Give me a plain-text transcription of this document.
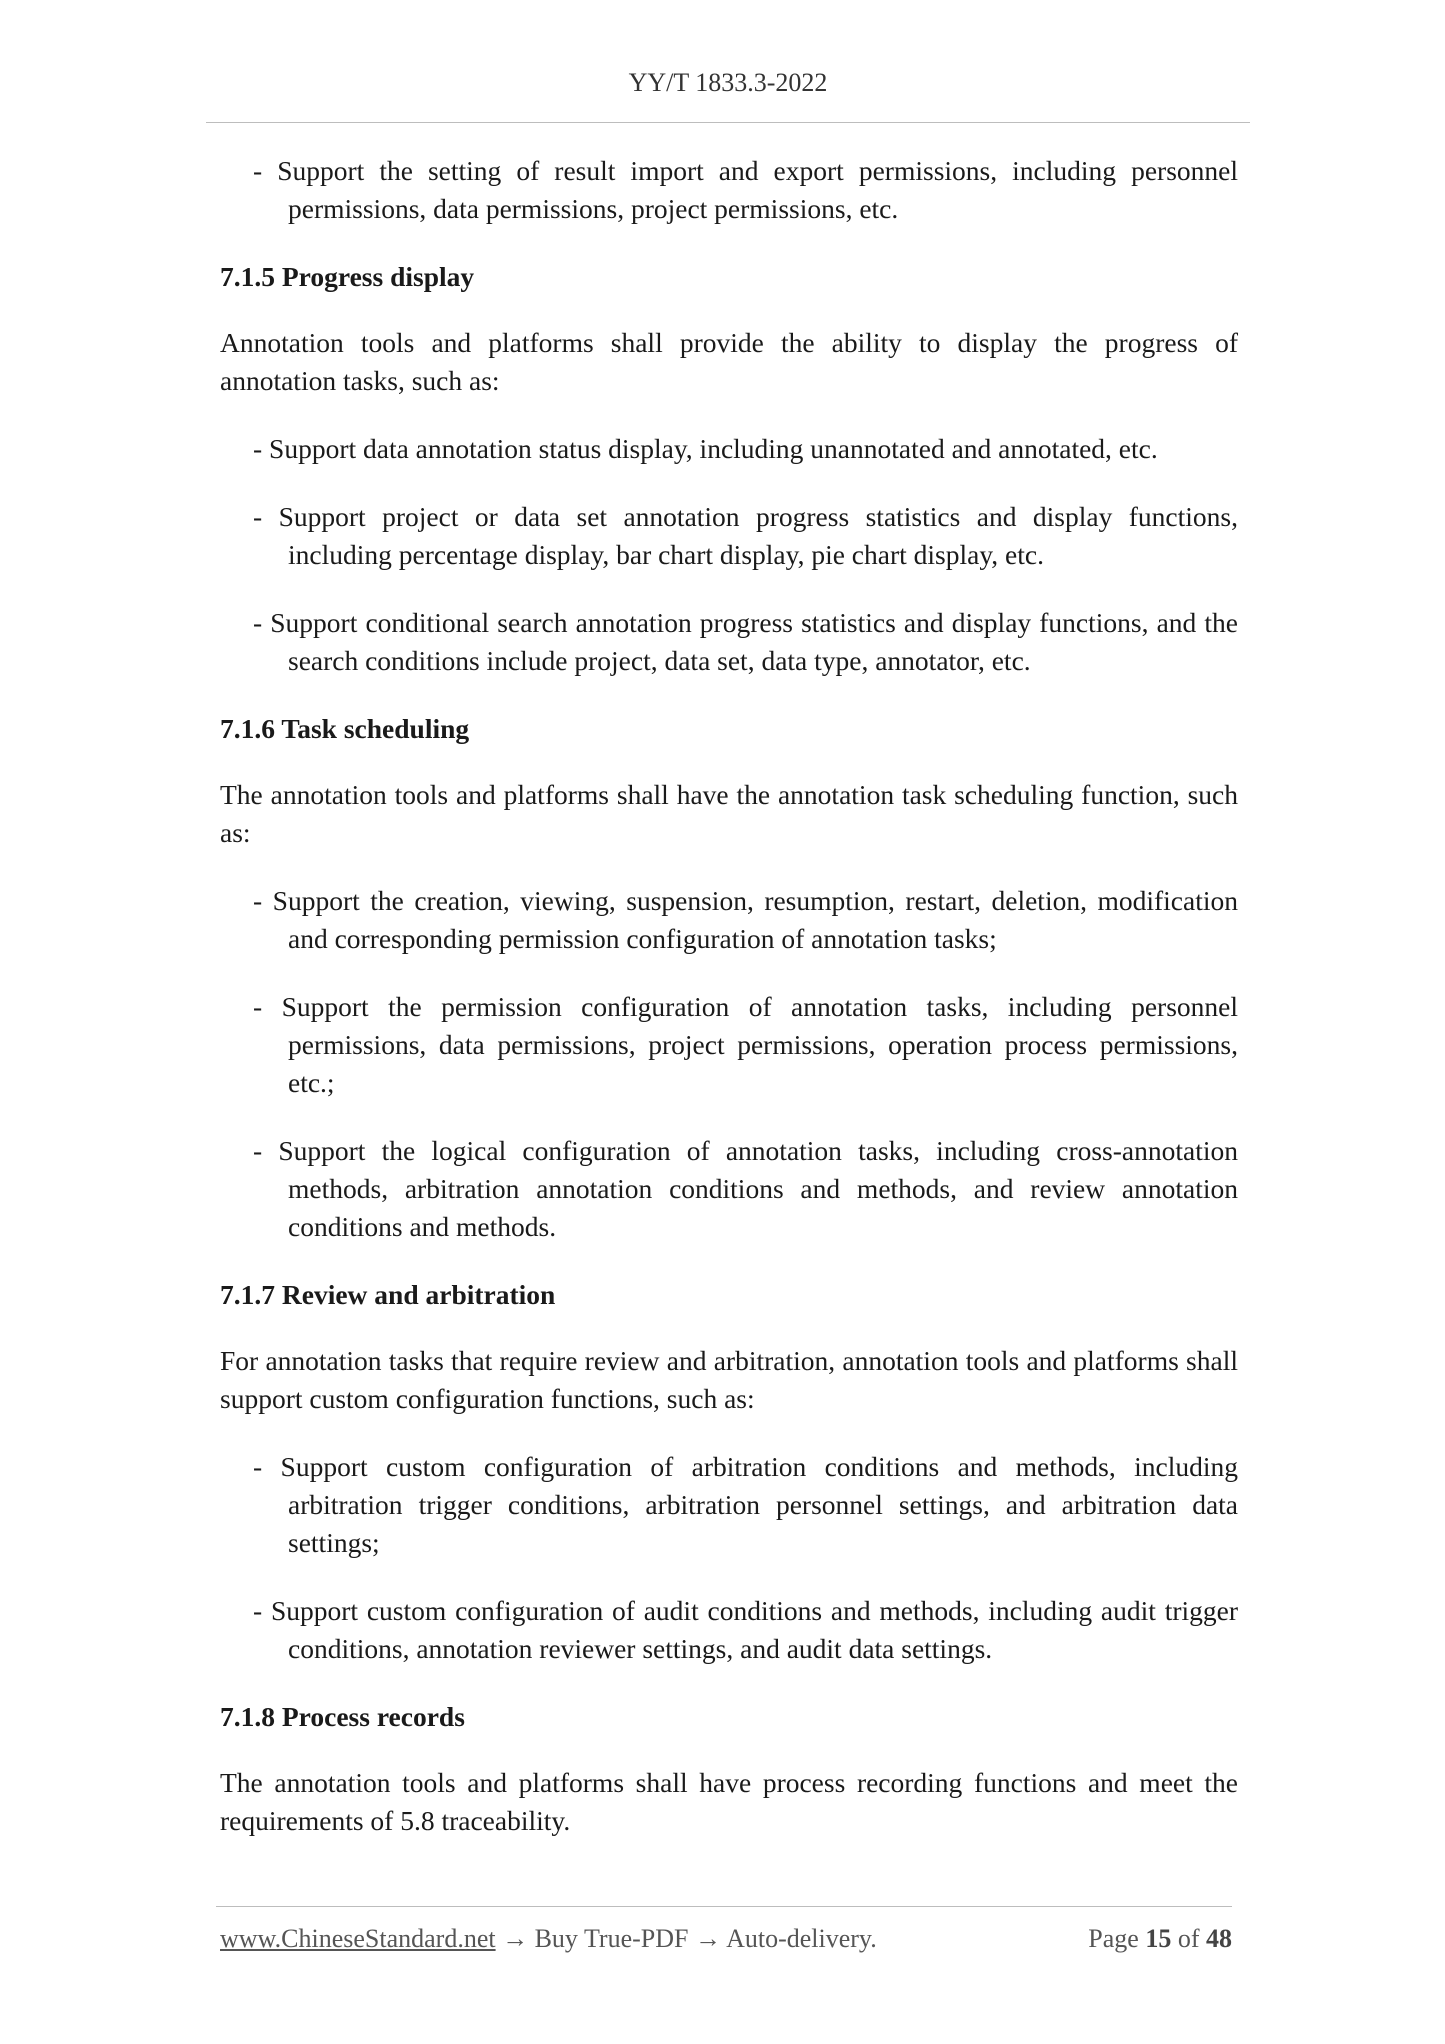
YY/T 1833.3-2022

- Support the setting of result import and export permissions, including personnel permissions, data permissions, project permissions, etc.

7.1.5 Progress display

Annotation tools and platforms shall provide the ability to display the progress of annotation tasks, such as:

- Support data annotation status display, including unannotated and annotated, etc.

- Support project or data set annotation progress statistics and display functions, including percentage display, bar chart display, pie chart display, etc.

- Support conditional search annotation progress statistics and display functions, and the search conditions include project, data set, data type, annotator, etc.

7.1.6 Task scheduling

The annotation tools and platforms shall have the annotation task scheduling function, such as:

- Support the creation, viewing, suspension, resumption, restart, deletion, modification and corresponding permission configuration of annotation tasks;

- Support the permission configuration of annotation tasks, including personnel permissions, data permissions, project permissions, operation process permissions, etc.;

- Support the logical configuration of annotation tasks, including cross-annotation methods, arbitration annotation conditions and methods, and review annotation conditions and methods.

7.1.7 Review and arbitration

For annotation tasks that require review and arbitration, annotation tools and platforms shall support custom configuration functions, such as:

- Support custom configuration of arbitration conditions and methods, including arbitration trigger conditions, arbitration personnel settings, and arbitration data settings;

- Support custom configuration of audit conditions and methods, including audit trigger conditions, annotation reviewer settings, and audit data settings.

7.1.8 Process records

The annotation tools and platforms shall have process recording functions and meet the requirements of 5.8 traceability.

www.ChineseStandard.net → Buy True-PDF → Auto-delivery.	Page 15 of 48
